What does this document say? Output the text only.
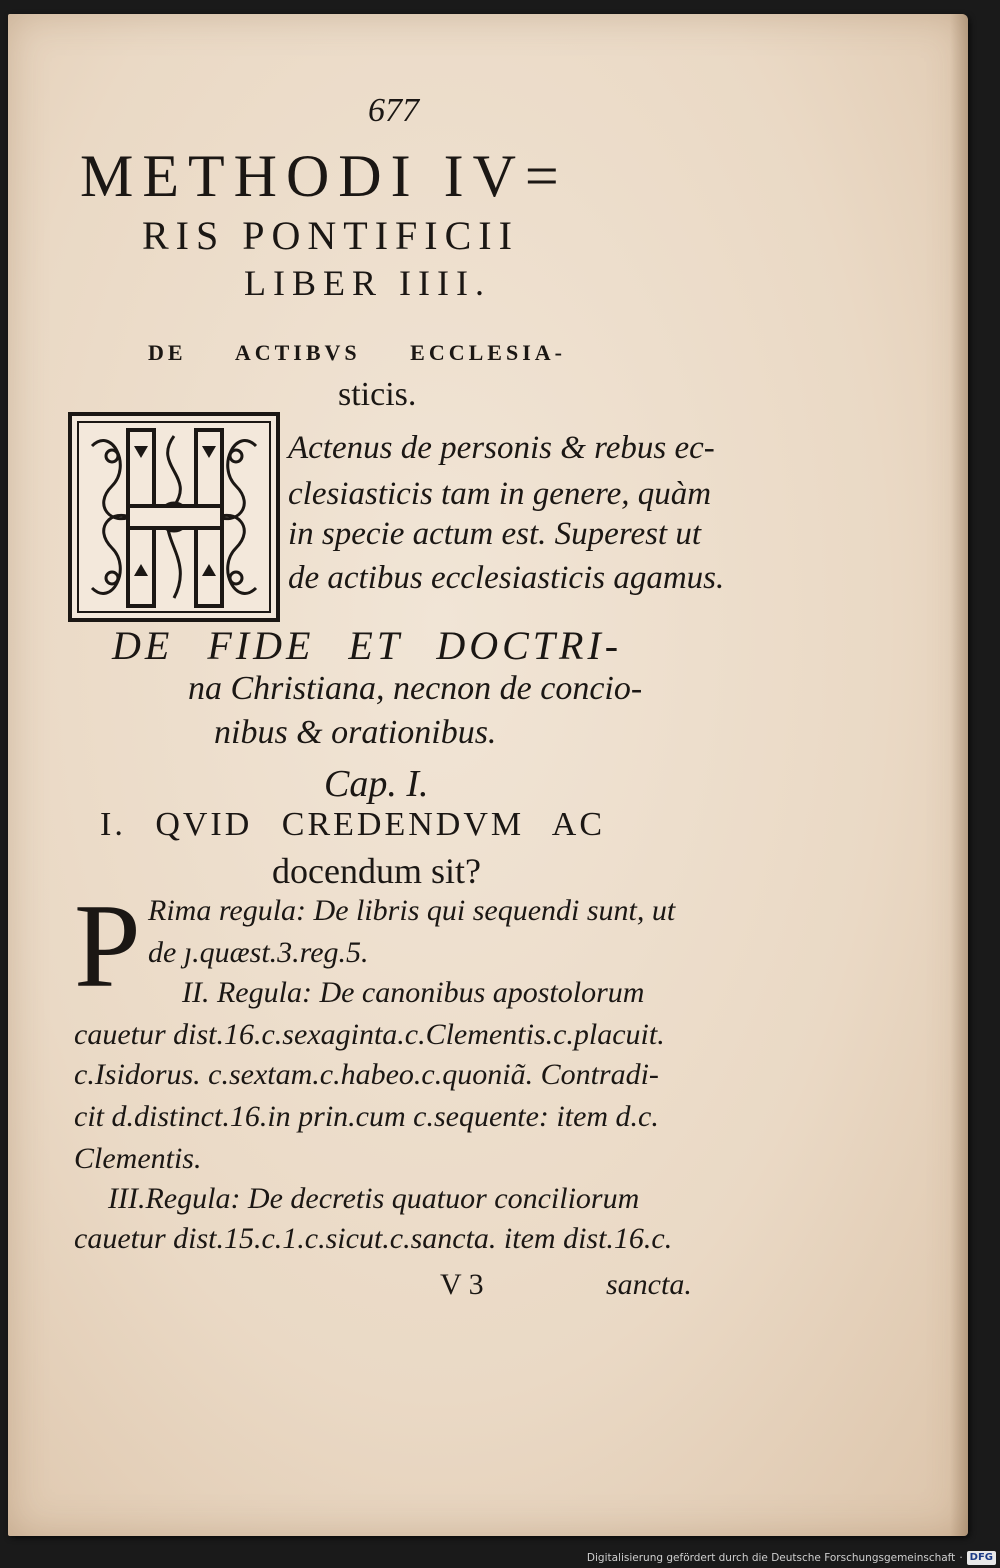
677
METHODI IV=
RIS PONTIFICII
LIBER IIII.
DE ACTIBVS ECCLESIA-
sticis.
Actenus de personis & rebus ec-
clesiasticis tam in genere, quàm
in specie actum est. Superest ut
de actibus ecclesiasticis agamus.
DE FIDE ET DOCTRI-
na Christiana, necnon de concio-
nibus & orationibus.
Cap. I.
I. QVID CREDENDVM AC
docendum sit?
P Rima regula: De libris qui sequendi sunt, ut
de ȷ.quæst.3.reg.5.
II. Regula: De canonibus apostolorum
cauetur dist.16.c.sexaginta.c.Clementis.c.placuit.
c.Isidorus. c.sextam.c.habeo.c.quoniã. Contradi-
cit d.distinct.16.in prin.cum c.sequente: item d.c.
Clementis.
III.Regula: De decretis quatuor conciliorum
cauetur dist.15.c.1.c.sicut.c.sancta. item dist.16.c.
V 3	sancta.
Digitalisierung gefördert durch die Deutsche Forschungsgemeinschaft · DFG
